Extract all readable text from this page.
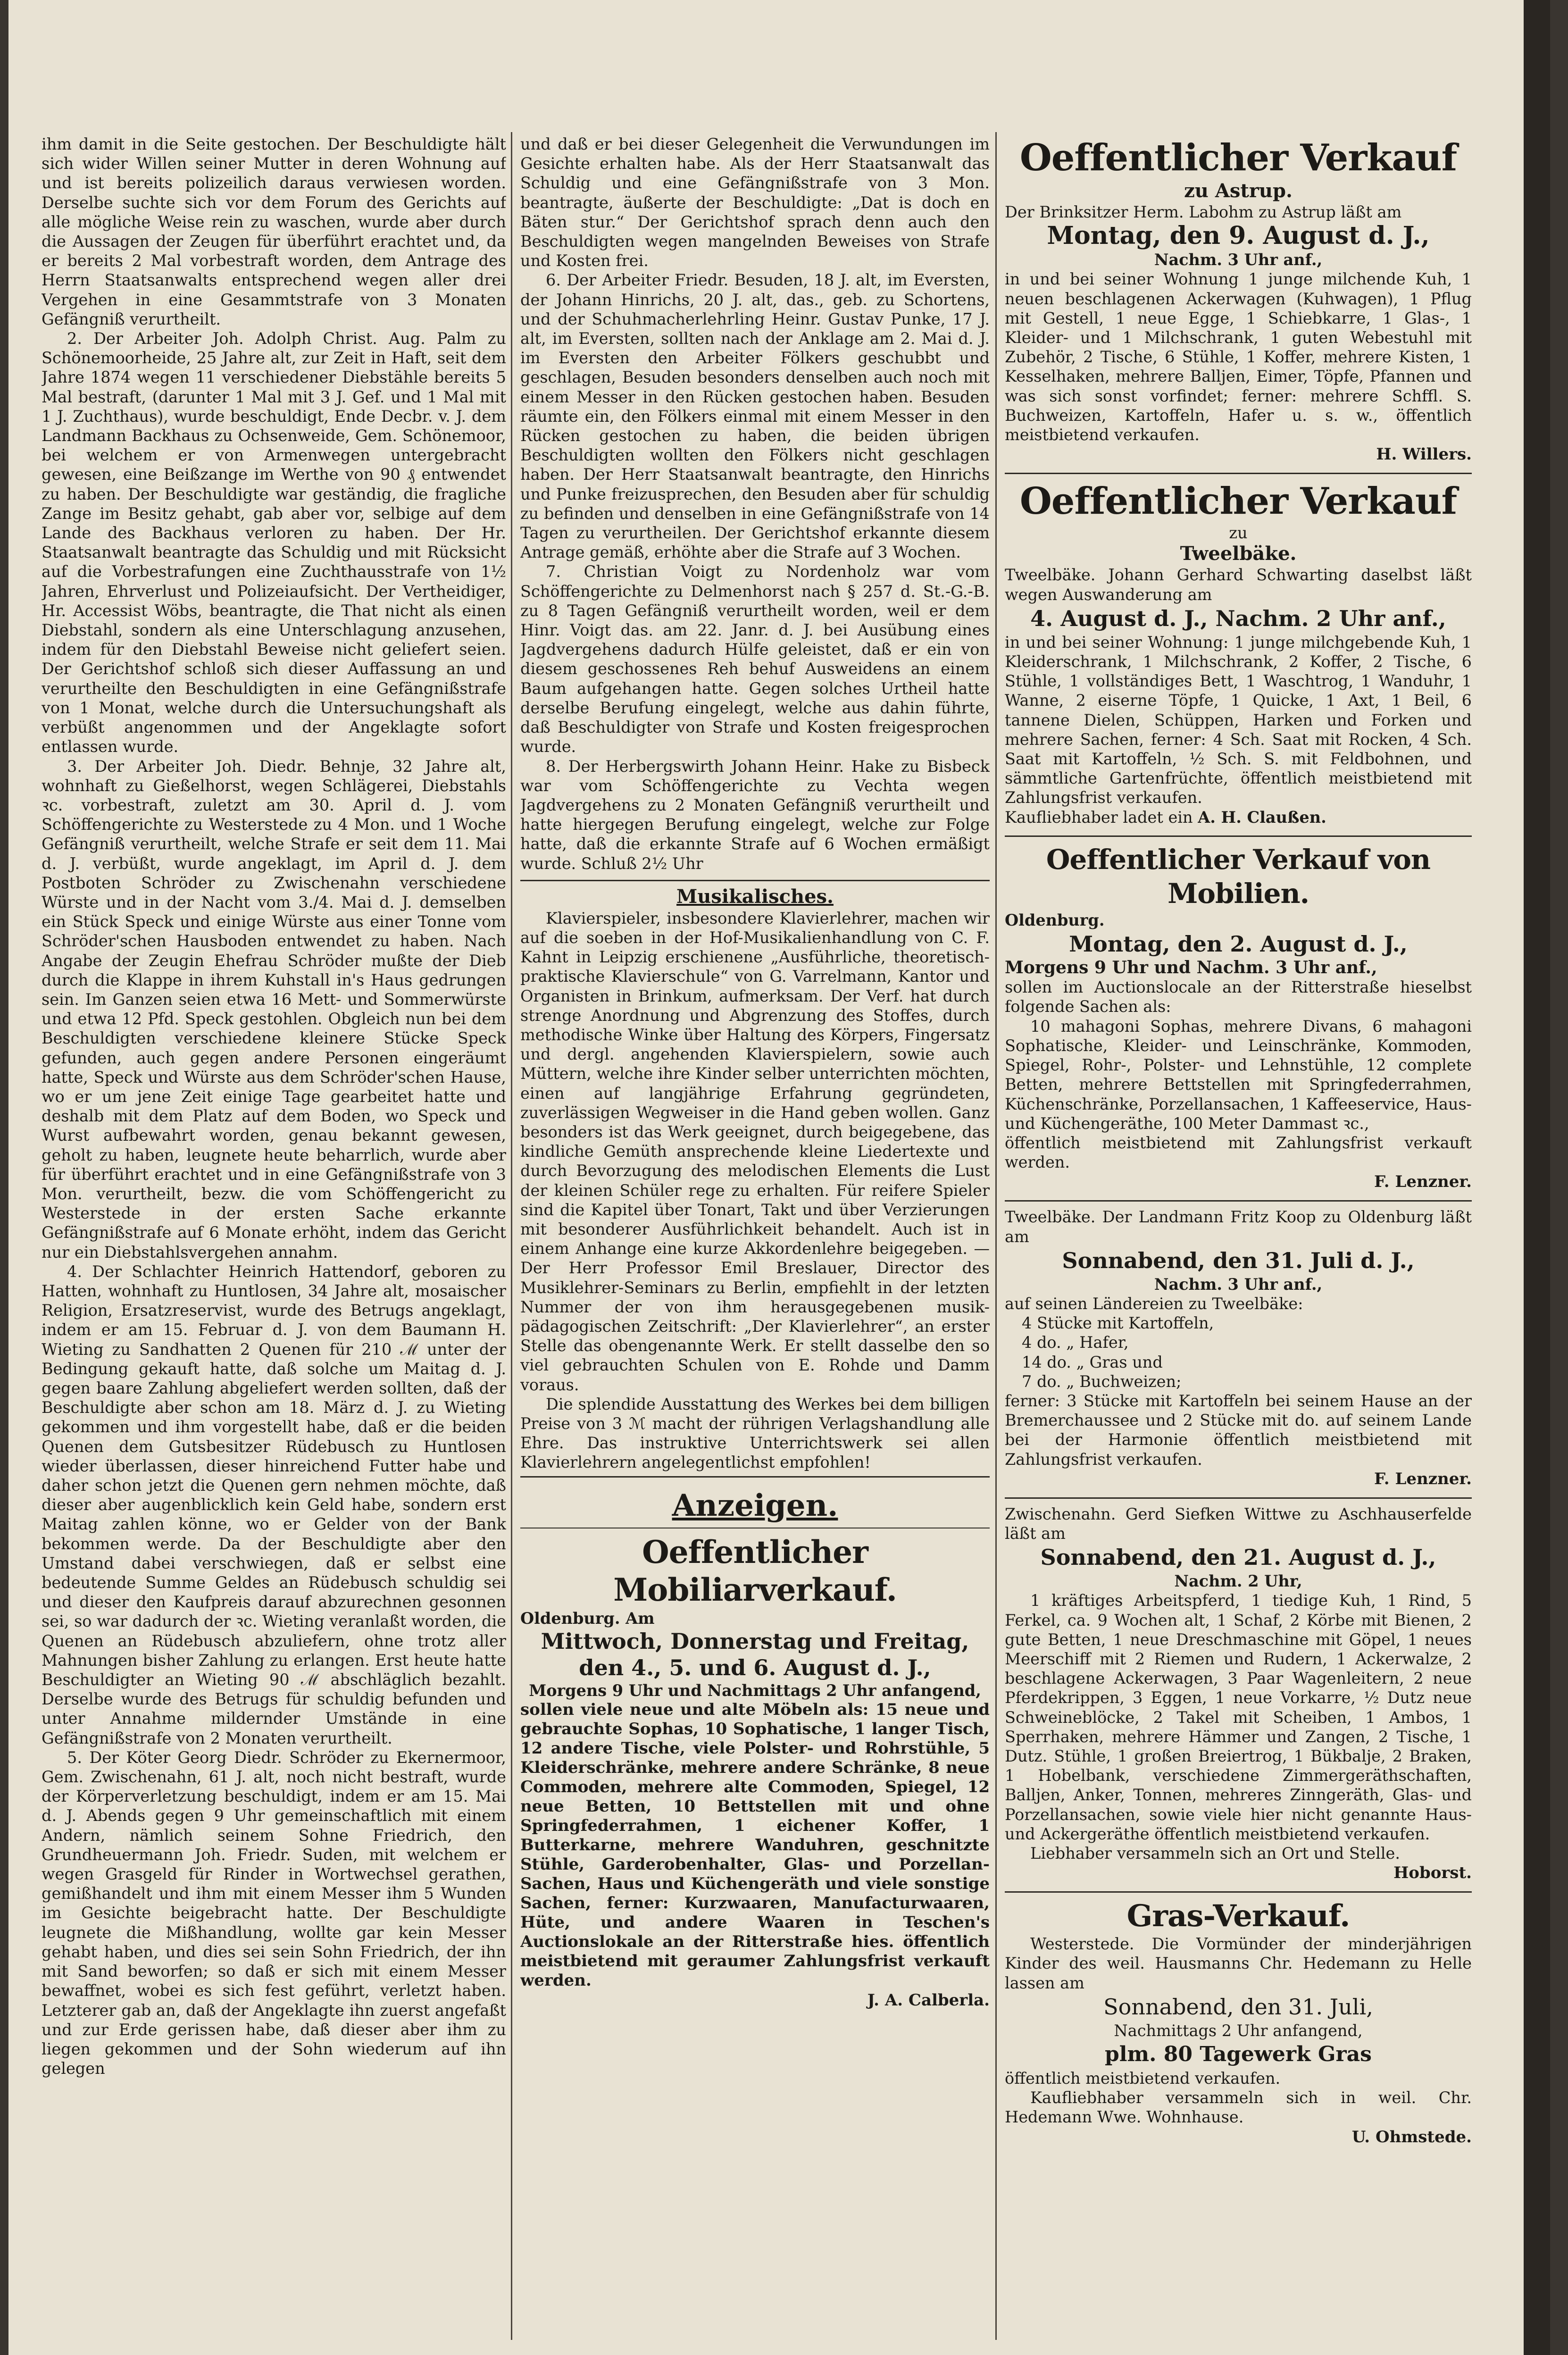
ihm damit in die Seite gestochen. Der Beschuldigte hält sich wider Willen seiner Mutter in deren Wohnung auf und ist bereits polizeilich daraus verwiesen worden. Derselbe suchte sich vor dem Forum des Gerichts auf alle mögliche Weise rein zu waschen, wurde aber durch die Aussagen der Zeugen für überführt erachtet und, da er bereits 2 Mal vorbestraft worden, dem Antrage des Herrn Staatsanwalts entsprechend wegen aller drei Vergehen in eine Gesammtstrafe von 3 Monaten Gefängniß verurtheilt.

2. Der Arbeiter Joh. Adolph Christ. Aug. Palm zu Schönemoorheide, 25 Jahre alt, zur Zeit in Haft, seit dem Jahre 1874 wegen 11 verschiedener Diebstähle bereits 5 Mal bestraft, (darunter 1 Mal mit 3 J. Gef. und 1 Mal mit 1 J. Zuchthaus), wurde beschuldigt, Ende Decbr. v. J. dem Landmann Backhaus zu Ochsenweide, Gem. Schönemoor, bei welchem er von Armenwegen untergebracht gewesen, eine Beißzange im Werthe von 90 ₰ entwendet zu haben. Der Beschuldigte war geständig, die fragliche Zange im Besitz gehabt, gab aber vor, selbige auf dem Lande des Backhaus verloren zu haben. Der Hr. Staatsanwalt beantragte das Schuldig und mit Rücksicht auf die Vorbestrafungen eine Zuchthausstrafe von 1½ Jahren, Ehrverlust und Polizeiaufsicht. Der Vertheidiger, Hr. Accessist Wöbs, beantragte, die That nicht als einen Diebstahl, sondern als eine Unterschlagung anzusehen, indem für den Diebstahl Beweise nicht geliefert seien. Der Gerichtshof schloß sich dieser Auffassung an und verurtheilte den Beschuldigten in eine Gefängnißstrafe von 1 Monat, welche durch die Untersuchungshaft als verbüßt angenommen und der Angeklagte sofort entlassen wurde.

3. Der Arbeiter Joh. Diedr. Behnje, 32 Jahre alt, wohnhaft zu Gießelhorst, wegen Schlägerei, Diebstahls ꝛc. vorbestraft, zuletzt am 30. April d. J. vom Schöffengerichte zu Westerstede zu 4 Mon. und 1 Woche Gefängniß verurtheilt, welche Strafe er seit dem 11. Mai d. J. verbüßt, wurde angeklagt, im April d. J. dem Postboten Schröder zu Zwischenahn verschiedene Würste und in der Nacht vom 3./4. Mai d. J. demselben ein Stück Speck und einige Würste aus einer Tonne vom Schröder'schen Hausboden entwendet zu haben. Nach Angabe der Zeugin Ehefrau Schröder mußte der Dieb durch die Klappe in ihrem Kuhstall in's Haus gedrungen sein. Im Ganzen seien etwa 16 Mett- und Sommerwürste und etwa 12 Pfd. Speck gestohlen. Obgleich nun bei dem Beschuldigten verschiedene kleinere Stücke Speck gefunden, auch gegen andere Personen eingeräumt hatte, Speck und Würste aus dem Schröder'schen Hause, wo er um jene Zeit einige Tage gearbeitet hatte und deshalb mit dem Platz auf dem Boden, wo Speck und Wurst aufbewahrt worden, genau bekannt gewesen, geholt zu haben, leugnete heute beharrlich, wurde aber für überführt erachtet und in eine Gefängnißstrafe von 3 Mon. verurtheilt, bezw. die vom Schöffengericht zu Westerstede in der ersten Sache erkannte Gefängnißstrafe auf 6 Monate erhöht, indem das Gericht nur ein Diebstahlsvergehen annahm.

4. Der Schlachter Heinrich Hattendorf, geboren zu Hatten, wohnhaft zu Huntlosen, 34 Jahre alt, mosaischer Religion, Ersatzreservist, wurde des Betrugs angeklagt, indem er am 15. Februar d. J. von dem Baumann H. Wieting zu Sandhatten 2 Quenen für 210 ℳ unter der Bedingung gekauft hatte, daß solche um Maitag d. J. gegen baare Zahlung abgeliefert werden sollten, daß der Beschuldigte aber schon am 18. März d. J. zu Wieting gekommen und ihm vorgestellt habe, daß er die beiden Quenen dem Gutsbesitzer Rüdebusch zu Huntlosen wieder überlassen, dieser hinreichend Futter habe und daher schon jetzt die Quenen gern nehmen möchte, daß dieser aber augenblicklich kein Geld habe, sondern erst Maitag zahlen könne, wo er Gelder von der Bank bekommen werde. Da der Beschuldigte aber den Umstand dabei verschwiegen, daß er selbst eine bedeutende Summe Geldes an Rüdebusch schuldig sei und dieser den Kaufpreis darauf abzurechnen gesonnen sei, so war dadurch der ꝛc. Wieting veranlaßt worden, die Quenen an Rüdebusch abzuliefern, ohne trotz aller Mahnungen bisher Zahlung zu erlangen. Erst heute hatte Beschuldigter an Wieting 90 ℳ abschläglich bezahlt. Derselbe wurde des Betrugs für schuldig befunden und unter Annahme mildernder Umstände in eine Gefängnißstrafe von 2 Monaten verurtheilt.

5. Der Köter Georg Diedr. Schröder zu Ekernermoor, Gem. Zwischenahn, 61 J. alt, noch nicht bestraft, wurde der Körperverletzung beschuldigt, indem er am 15. Mai d. J. Abends gegen 9 Uhr gemeinschaftlich mit einem Andern, nämlich seinem Sohne Friedrich, den Grundheuermann Joh. Friedr. Suden, mit welchem er wegen Grasgeld für Rinder in Wortwechsel gerathen, gemißhandelt und ihm mit einem Messer ihm 5 Wunden im Gesichte beigebracht hatte. Der Beschuldigte leugnete die Mißhandlung, wollte gar kein Messer gehabt haben, und dies sei sein Sohn Friedrich, der ihn mit Sand beworfen; so daß er sich mit einem Messer bewaffnet, wobei es sich fest geführt, verletzt haben. Letzterer gab an, daß der Angeklagte ihn zuerst angefaßt und zur Erde gerissen habe, daß dieser aber ihm zu liegen gekommen und der Sohn wiederum auf ihn gelegen

und daß er bei dieser Gelegenheit die Verwundungen im Gesichte erhalten habe. Als der Herr Staatsanwalt das Schuldig und eine Gefängnißstrafe von 3 Mon. beantragte, äußerte der Beschuldigte: „Dat is doch en Bäten stur.“ Der Gerichtshof sprach denn auch den Beschuldigten wegen mangelnden Beweises von Strafe und Kosten frei.

6. Der Arbeiter Friedr. Besuden, 18 J. alt, im Eversten, der Johann Hinrichs, 20 J. alt, das., geb. zu Schortens, und der Schuhmacherlehrling Heinr. Gustav Punke, 17 J. alt, im Eversten, sollten nach der Anklage am 2. Mai d. J. im Eversten den Arbeiter Fölkers geschubbt und geschlagen, Besuden besonders denselben auch noch mit einem Messer in den Rücken gestochen haben. Besuden räumte ein, den Fölkers einmal mit einem Messer in den Rücken gestochen zu haben, die beiden übrigen Beschuldigten wollten den Fölkers nicht geschlagen haben. Der Herr Staatsanwalt beantragte, den Hinrichs und Punke freizusprechen, den Besuden aber für schuldig zu befinden und denselben in eine Gefängnißstrafe von 14 Tagen zu verurtheilen. Der Gerichtshof erkannte diesem Antrage gemäß, erhöhte aber die Strafe auf 3 Wochen.

7. Christian Voigt zu Nordenholz war vom Schöffengerichte zu Delmenhorst nach § 257 d. St.-G.-B. zu 8 Tagen Gefängniß verurtheilt worden, weil er dem Hinr. Voigt das. am 22. Janr. d. J. bei Ausübung eines Jagdvergehens dadurch Hülfe geleistet, daß er ein von diesem geschossenes Reh behuf Ausweidens an einem Baum aufgehangen hatte. Gegen solches Urtheil hatte derselbe Berufung eingelegt, welche aus dahin führte, daß Beschuldigter von Strafe und Kosten freigesprochen wurde.

8. Der Herbergswirth Johann Heinr. Hake zu Bisbeck war vom Schöffengerichte zu Vechta wegen Jagdvergehens zu 2 Monaten Gefängniß verurtheilt und hatte hiergegen Berufung eingelegt, welche zur Folge hatte, daß die erkannte Strafe auf 6 Wochen ermäßigt wurde. Schluß 2½ Uhr

Musikalisches.

Klavierspieler, insbesondere Klavierlehrer, machen wir auf die soeben in der Hof-Musikalienhandlung von C. F. Kahnt in Leipzig erschienene „Ausführliche, theoretisch-praktische Klavierschule“ von G. Varrelmann, Kantor und Organisten in Brinkum, aufmerksam. Der Verf. hat durch strenge Anordnung und Abgrenzung des Stoffes, durch methodische Winke über Haltung des Körpers, Fingersatz und dergl. angehenden Klavierspielern, sowie auch Müttern, welche ihre Kinder selber unterrichten möchten, einen auf langjährige Erfahrung gegründeten, zuverlässigen Wegweiser in die Hand geben wollen. Ganz besonders ist das Werk geeignet, durch beigegebene, das kindliche Gemüth ansprechende kleine Liedertexte und durch Bevorzugung des melodischen Elements die Lust der kleinen Schüler rege zu erhalten. Für reifere Spieler sind die Kapitel über Tonart, Takt und über Verzierungen mit besonderer Ausführlichkeit behandelt. Auch ist in einem Anhange eine kurze Akkordenlehre beigegeben. — Der Herr Professor Emil Breslauer, Director des Musiklehrer-Seminars zu Berlin, empfiehlt in der letzten Nummer der von ihm herausgegebenen musik-pädagogischen Zeitschrift: „Der Klavierlehrer“, an erster Stelle das obengenannte Werk. Er stellt dasselbe den so viel gebrauchten Schulen von E. Rohde und Damm voraus.

Die splendide Ausstattung des Werkes bei dem billigen Preise von 3 ℳ macht der rührigen Verlagshandlung alle Ehre. Das instruktive Unterrichtswerk sei allen Klavierlehrern angelegentlichst empfohlen!

Anzeigen.
Oeffentlicher Mobiliarverkauf.

Oldenburg. Am

Mittwoch, Donnerstag und Freitag, den 4., 5. und 6. August d. J.,

Morgens 9 Uhr und Nachmittags 2 Uhr anfangend,

sollen viele neue und alte Möbeln als: 15 neue und gebrauchte Sophas, 10 Sophatische, 1 langer Tisch, 12 andere Tische, viele Polster- und Rohrstühle, 5 Kleiderschränke, mehrere andere Schränke, 8 neue Commoden, mehrere alte Commoden, Spiegel, 12 neue Betten, 10 Bettstellen mit und ohne Springfederrahmen, 1 eichener Koffer, 1 Butterkarne, mehrere Wanduhren, geschnitzte Stühle, Garderobenhalter, Glas- und Porzellan-Sachen, Haus und Küchengeräth und viele sonstige Sachen, ferner: Kurzwaaren, Manufacturwaaren, Hüte, und andere Waaren in Teschen's Auctionslokale an der Ritterstraße hies. öffentlich meistbietend mit geraumer Zahlungsfrist verkauft werden.

J. A. Calberla.
Oeffentlicher Verkauf
zu Astrup.

Der Brinksitzer Herm. Labohm zu Astrup läßt am

Montag, den 9. August d. J.,

Nachm. 3 Uhr anf.,

in und bei seiner Wohnung 1 junge milchende Kuh, 1 neuen beschlagenen Ackerwagen (Kuhwagen), 1 Pflug mit Gestell, 1 neue Egge, 1 Schiebkarre, 1 Glas-, 1 Kleider- und 1 Milchschrank, 1 guten Webestuhl mit Zubehör, 2 Tische, 6 Stühle, 1 Koffer, mehrere Kisten, 1 Kesselhaken, mehrere Balljen, Eimer, Töpfe, Pfannen und was sich sonst vorfindet; ferner: mehrere Schffl. S. Buchweizen, Kartoffeln, Hafer u. s. w., öffentlich meistbietend verkaufen.

H. Willers.
Oeffentlicher Verkauf

zu

Tweelbäke.

Tweelbäke. Johann Gerhard Schwarting daselbst läßt wegen Auswanderung am

4. August d. J., Nachm. 2 Uhr anf.,

in und bei seiner Wohnung: 1 junge milchgebende Kuh, 1 Kleiderschrank, 1 Milchschrank, 2 Koffer, 2 Tische, 6 Stühle, 1 vollständiges Bett, 1 Waschtrog, 1 Wanduhr, 1 Wanne, 2 eiserne Töpfe, 1 Quicke, 1 Axt, 1 Beil, 6 tannene Dielen, Schüppen, Harken und Forken und mehrere Sachen, ferner: 4 Sch. Saat mit Rocken, 4 Sch. Saat mit Kartoffeln, ½ Sch. S. mit Feldbohnen, und sämmtliche Gartenfrüchte, öffentlich meistbietend mit Zahlungsfrist verkaufen.

Kaufliebhaber ladet ein A. H. Claußen.

Oeffentlicher Verkauf von Mobilien.

Oldenburg.

Montag, den 2. August d. J.,

Morgens 9 Uhr und Nachm. 3 Uhr anf.,

sollen im Auctionslocale an der Ritterstraße hieselbst folgende Sachen als:

10 mahagoni Sophas, mehrere Divans, 6 mahagoni Sophatische, Kleider- und Leinschränke, Kommoden, Spiegel, Rohr-, Polster- und Lehnstühle, 12 complete Betten, mehrere Bettstellen mit Springfederrahmen, Küchenschränke, Porzellansachen, 1 Kaffeeservice, Haus- und Küchengeräthe, 100 Meter Dammast ꝛc.,

öffentlich meistbietend mit Zahlungsfrist verkauft werden.

F. Lenzner.

Tweelbäke. Der Landmann Fritz Koop zu Oldenburg läßt am

Sonnabend, den 31. Juli d. J.,

Nachm. 3 Uhr anf.,

auf seinen Ländereien zu Tweelbäke:

4 Stücke mit Kartoffeln,

4 do. „ Hafer,

14 do. „ Gras und

7 do. „ Buchweizen;

ferner: 3 Stücke mit Kartoffeln bei seinem Hause an der Bremerchaussee und 2 Stücke mit do. auf seinem Lande bei der Harmonie öffentlich meistbietend mit Zahlungsfrist verkaufen.

F. Lenzner.

Zwischenahn. Gerd Siefken Wittwe zu Aschhauserfelde läßt am

Sonnabend, den 21. August d. J.,

Nachm. 2 Uhr,

1 kräftiges Arbeitspferd, 1 tiedige Kuh, 1 Rind, 5 Ferkel, ca. 9 Wochen alt, 1 Schaf, 2 Körbe mit Bienen, 2 gute Betten, 1 neue Dreschmaschine mit Göpel, 1 neues Meerschiff mit 2 Riemen und Rudern, 1 Ackerwalze, 2 beschlagene Ackerwagen, 3 Paar Wagenleitern, 2 neue Pferdekrippen, 3 Eggen, 1 neue Vorkarre, ½ Dutz neue Schweineblöcke, 2 Takel mit Scheiben, 1 Ambos, 1 Sperrhaken, mehrere Hämmer und Zangen, 2 Tische, 1 Dutz. Stühle, 1 großen Breiertrog, 1 Bükbalje, 2 Braken, 1 Hobelbank, verschiedene Zimmergeräthschaften, Balljen, Anker, Tonnen, mehreres Zinngeräth, Glas- und Porzellansachen, sowie viele hier nicht genannte Haus- und Ackergeräthe öffentlich meistbietend verkaufen.

Liebhaber versammeln sich an Ort und Stelle.

Hoborst.
Gras-Verkauf.

Westerstede. Die Vormünder der minderjährigen Kinder des weil. Hausmanns Chr. Hedemann zu Helle lassen am

Sonnabend, den 31. Juli,

Nachmittags 2 Uhr anfangend,

plm. 80 Tagewerk Gras

öffentlich meistbietend verkaufen.

Kaufliebhaber versammeln sich in weil. Chr. Hedemann Wwe. Wohnhause.

U. Ohmstede.
